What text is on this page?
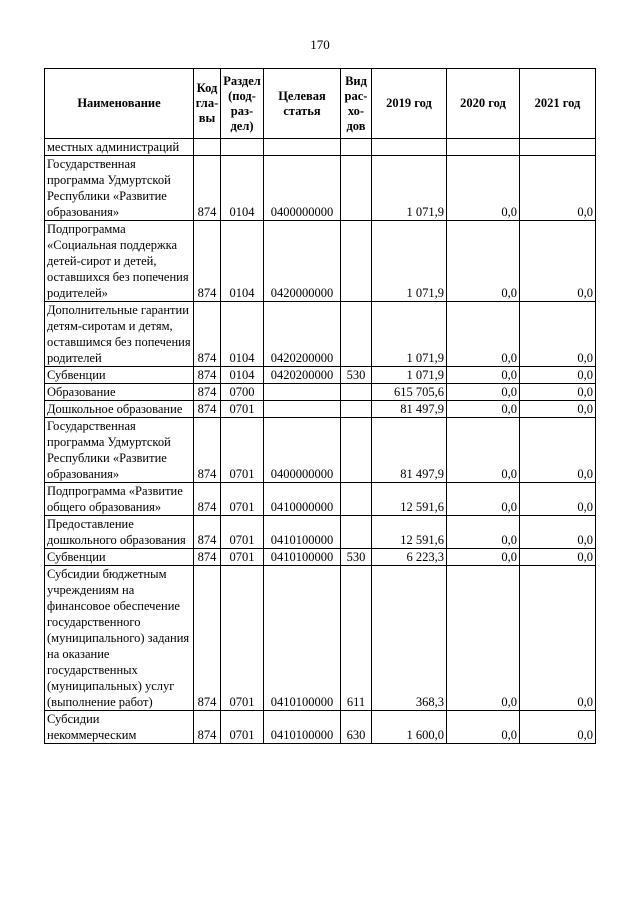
170
Наименование	Код гла- вы	Раздел (под- раз- дел)	Целевая статья	Вид рас- хо- дов	2019 год	2020 год	2021 год
местных администраций							
Государственная программа Удмуртской Республики «Развитие образования»	874	0104	0400000000		1 071,9	0,0	0,0
Подпрограмма «Социальная поддержка детей-сирот и детей, оставшихся без попечения родителей»	874	0104	0420000000		1 071,9	0,0	0,0
Дополнительные гарантии детям-сиротам и детям, оставшимся без попечения родителей	874	0104	0420200000		1 071,9	0,0	0,0
Субвенции	874	0104	0420200000	530	1 071,9	0,0	0,0
Образование	874	0700			615 705,6	0,0	0,0
Дошкольное образование	874	0701			81 497,9	0,0	0,0
Государственная программа Удмуртской Республики «Развитие образования»	874	0701	0400000000		81 497,9	0,0	0,0
Подпрограмма «Развитие общего образования»	874	0701	0410000000		12 591,6	0,0	0,0
Предоставление дошкольного образования	874	0701	0410100000		12 591,6	0,0	0,0
Субвенции	874	0701	0410100000	530	6 223,3	0,0	0,0
Субсидии бюджетным учреждениям на финансовое обеспечение государственного (муниципального) задания на оказание государственных (муниципальных) услуг (выполнение работ)	874	0701	0410100000	611	368,3	0,0	0,0
Субсидии некоммерческим	874	0701	0410100000	630	1 600,0	0,0	0,0
